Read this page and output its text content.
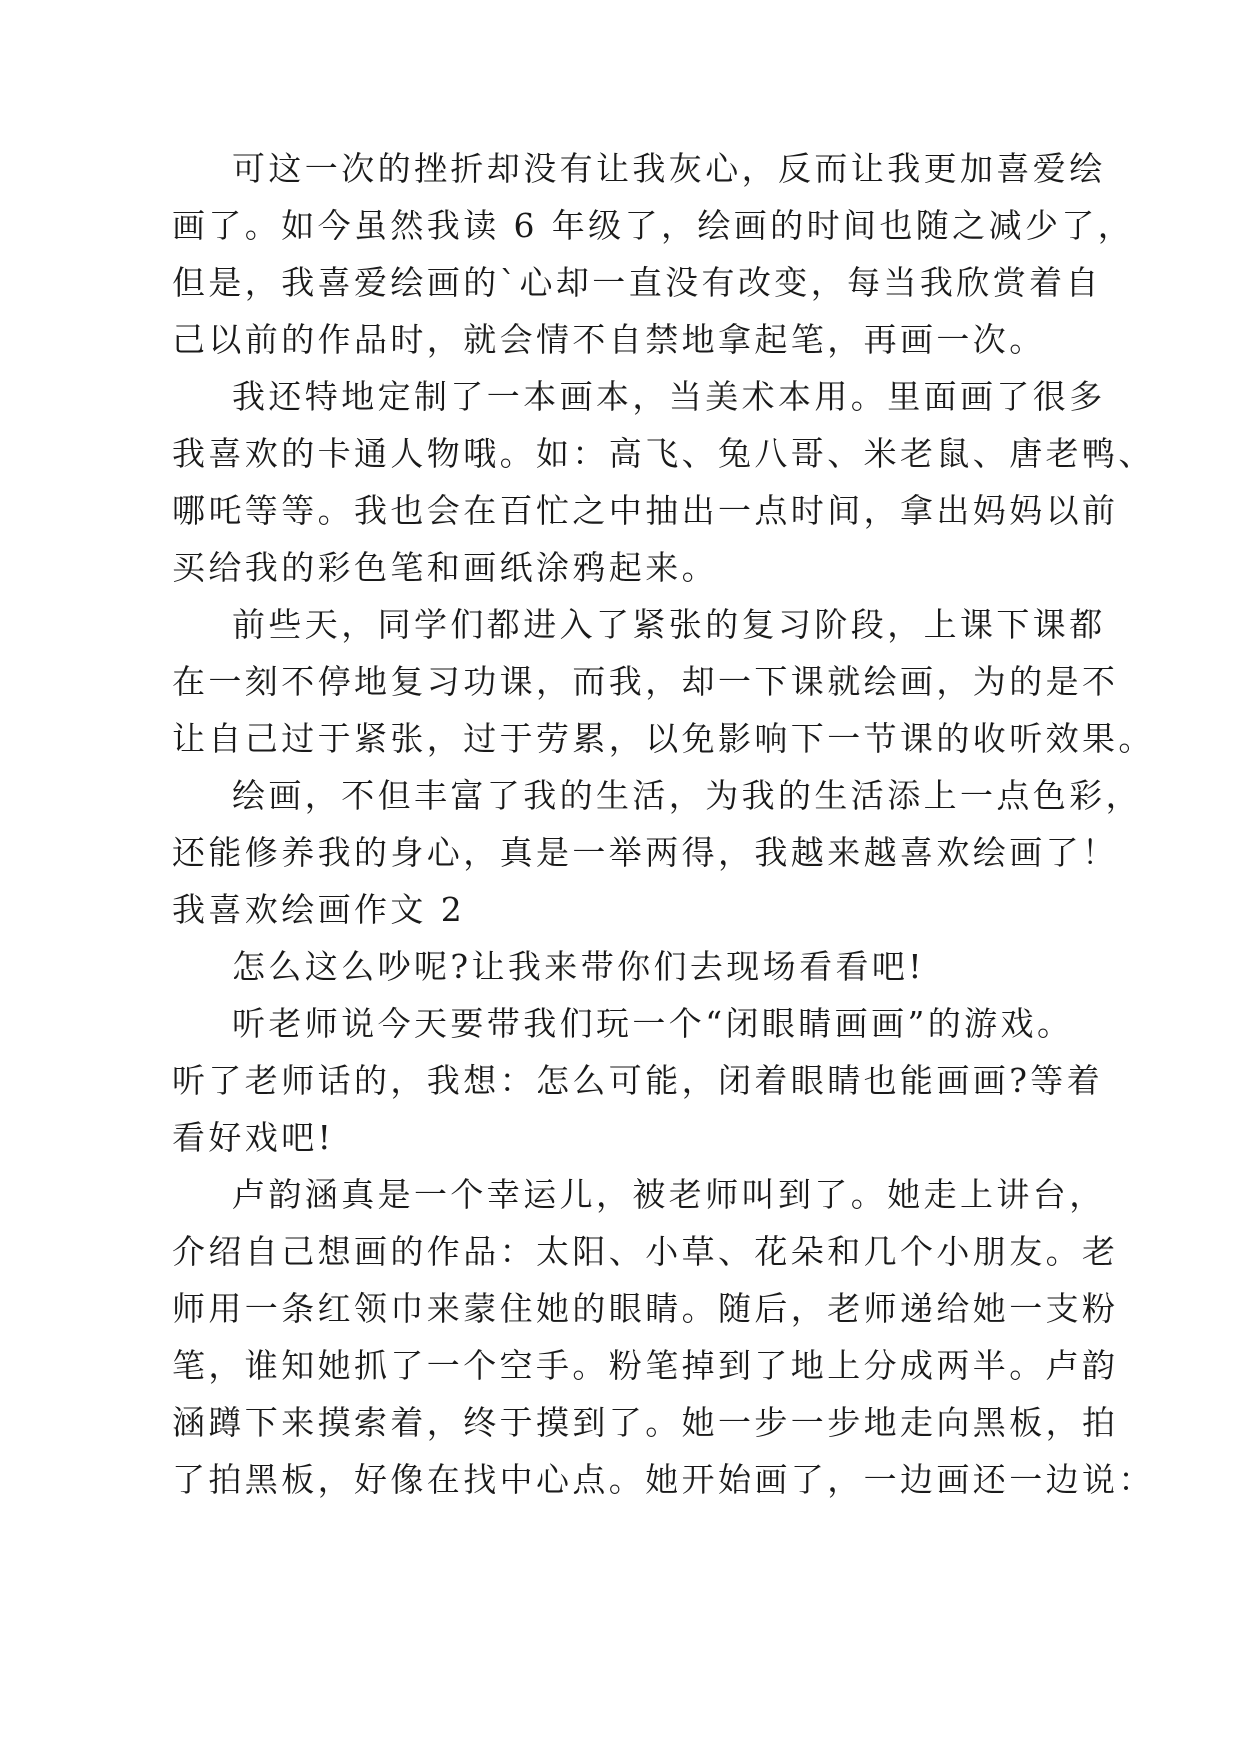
可这一次的挫折却没有让我灰心，反而让我更加喜爱绘
画了。如今虽然我读 6 年级了，绘画的时间也随之减少了，
但是，我喜爱绘画的`心却一直没有改变，每当我欣赏着自
己以前的作品时，就会情不自禁地拿起笔，再画一次。
我还特地定制了一本画本，当美术本用。里面画了很多
我喜欢的卡通人物哦。如：高飞、兔八哥、米老鼠、唐老鸭、
哪吒等等。我也会在百忙之中抽出一点时间，拿出妈妈以前
买给我的彩色笔和画纸涂鸦起来。
前些天，同学们都进入了紧张的复习阶段，上课下课都
在一刻不停地复习功课，而我，却一下课就绘画，为的是不
让自己过于紧张，过于劳累，以免影响下一节课的收听效果。
绘画，不但丰富了我的生活，为我的生活添上一点色彩，
还能修养我的身心，真是一举两得，我越来越喜欢绘画了！
我喜欢绘画作文 2
怎么这么吵呢?让我来带你们去现场看看吧!
听老师说今天要带我们玩一个“闭眼睛画画”的游戏。
听了老师话的，我想：怎么可能，闭着眼睛也能画画?等着
看好戏吧!
卢韵涵真是一个幸运儿，被老师叫到了。她走上讲台，
介绍自己想画的作品：太阳、小草、花朵和几个小朋友。老
师用一条红领巾来蒙住她的眼睛。随后，老师递给她一支粉
笔，谁知她抓了一个空手。粉笔掉到了地上分成两半。卢韵
涵蹲下来摸索着，终于摸到了。她一步一步地走向黑板，拍
了拍黑板，好像在找中心点。她开始画了，一边画还一边说：
